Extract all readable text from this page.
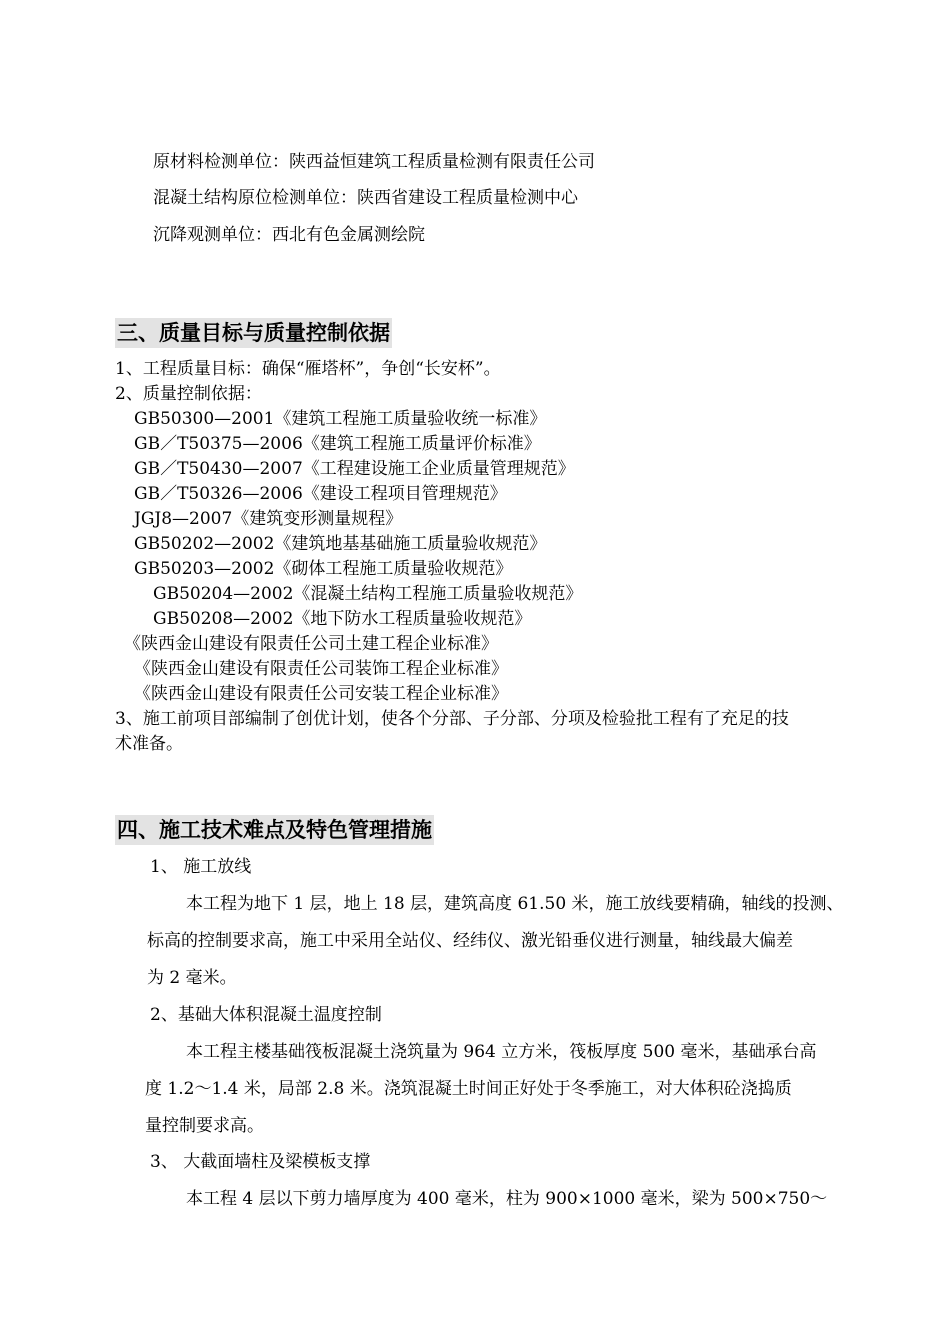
原材料检测单位：陕西益恒建筑工程质量检测有限责任公司
混凝土结构原位检测单位：陕西省建设工程质量检测中心
沉降观测单位：西北有色金属测绘院
三、质量目标与质量控制依据
1、工程质量目标：确保“雁塔杯”，争创“长安杯”。
2、质量控制依据：
GB50300—2001《建筑工程施工质量验收统一标准》
GB／T50375—2006《建筑工程施工质量评价标准》
GB／T50430—2007《工程建设施工企业质量管理规范》
GB／T50326—2006《建设工程项目管理规范》
JGJ8—2007《建筑变形测量规程》
GB50202—2002《建筑地基基础施工质量验收规范》
GB50203—2002《砌体工程施工质量验收规范》
GB50204—2002《混凝土结构工程施工质量验收规范》
GB50208—2002《地下防水工程质量验收规范》
《陕西金山建设有限责任公司土建工程企业标准》
《陕西金山建设有限责任公司装饰工程企业标准》
《陕西金山建设有限责任公司安装工程企业标准》
3、施工前项目部编制了创优计划，使各个分部、子分部、分项及检验批工程有了充足的技
术准备。
四、施工技术难点及特色管理措施
1、 施工放线
本工程为地下 1 层，地上 18 层，建筑高度 61.50 米，施工放线要精确，轴线的投测、
标高的控制要求高，施工中采用全站仪、经纬仪、激光铅垂仪进行测量，轴线最大偏差
为 2 毫米。
2、基础大体积混凝土温度控制
本工程主楼基础筏板混凝土浇筑量为 964 立方米，筏板厚度 500 毫米，基础承台高
度 1.2～1.4 米，局部 2.8 米。浇筑混凝土时间正好处于冬季施工，对大体积砼浇捣质
量控制要求高。
3、 大截面墙柱及梁模板支撑
本工程 4 层以下剪力墙厚度为 400 毫米，柱为 900×1000 毫米，梁为 500×750～
